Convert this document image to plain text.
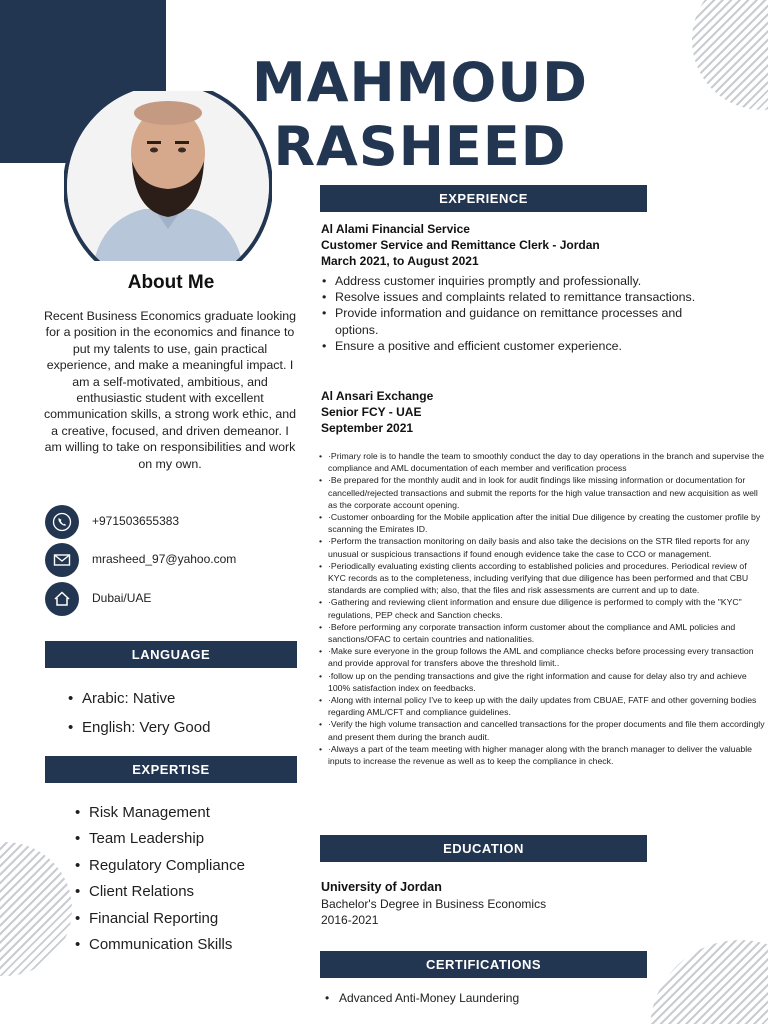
MAHMOUD
RASHEED
About Me
Recent Business Economics graduate looking for a position in the economics and finance to put my talents to use, gain practical experience, and make a meaningful impact. I am a self-motivated, ambitious, and enthusiastic student with excellent communication skills, a strong work ethic, and a creative, focused, and driven demeanor. I am willing to take on responsibilities and work on my own.
+971503655383
mrasheed_97@yahoo.com
Dubai/UAE
LANGUAGE
• Arabic: Native
• English: Very Good
EXPERTISE
• Risk Management
• Team Leadership
• Regulatory Compliance
• Client Relations
• Financial Reporting
• Communication Skills
EXPERIENCE
Al Alami Financial Service
Customer Service and Remittance Clerk - Jordan
March 2021, to August 2021
• Address customer inquiries promptly and professionally.
• Resolve issues and complaints related to remittance transactions.
• Provide information and guidance on remittance processes and options.
• Ensure a positive and efficient customer experience.
Al Ansari Exchange
Senior FCY - UAE
September 2021
• ·Primary role is to handle the team to smoothly conduct the day to day operations in the branch and supervise the compliance and AML documentation of each member and verification process
• ·Be prepared for the monthly audit and in look for audit findings like missing information or documentation for cancelled/rejected transactions and submit the reports for the high value transaction and new acquisition as well as the corporate account opening.
• ·Customer onboarding for the Mobile application after the initial Due diligence by creating the customer profile by scanning the Emirates ID.
• ·Perform the transaction monitoring on daily basis and also take the decisions on the STR filed reports for any unusual or suspicious transactions if found enough evidence take the case to CCO or management.
• ·Periodically evaluating existing clients according to established policies and procedures. Periodical review of KYC records as to the completeness, including verifying that due diligence has been performed and that CBU standards are complied with; also, that the files and risk assessments are current and up to date.
• ·Gathering and reviewing client information and ensure due diligence is performed to comply with the "KYC" regulations, PEP check and Sanction checks.
• ·Before performing any corporate transaction inform customer about the compliance and AML policies and sanctions/OFAC to certain countries and nationalities.
• ·Make sure everyone in the group follows the AML and compliance checks before processing every transaction and provide approval for transfers above the threshold limit..
• ·follow up on the pending transactions and give the right information and cause for delay also try and achieve 100% satisfaction index on feedbacks.
• ·Along with internal policy I've to keep up with the daily updates from CBUAE, FATF and other governing bodies regarding AML/CFT and compliance guidelines.
• ·Verify the high volume transaction and cancelled transactions for the proper documents and file them accordingly and present them during the branch audit.
• ·Always a part of the team meeting with higher manager along with the branch manager to deliver the valuable inputs to increase the revenue as well as to keep the compliance in check.
EDUCATION
University of Jordan
Bachelor's Degree in Business Economics
2016-2021
CERTIFICATIONS
• Advanced Anti-Money Laundering
